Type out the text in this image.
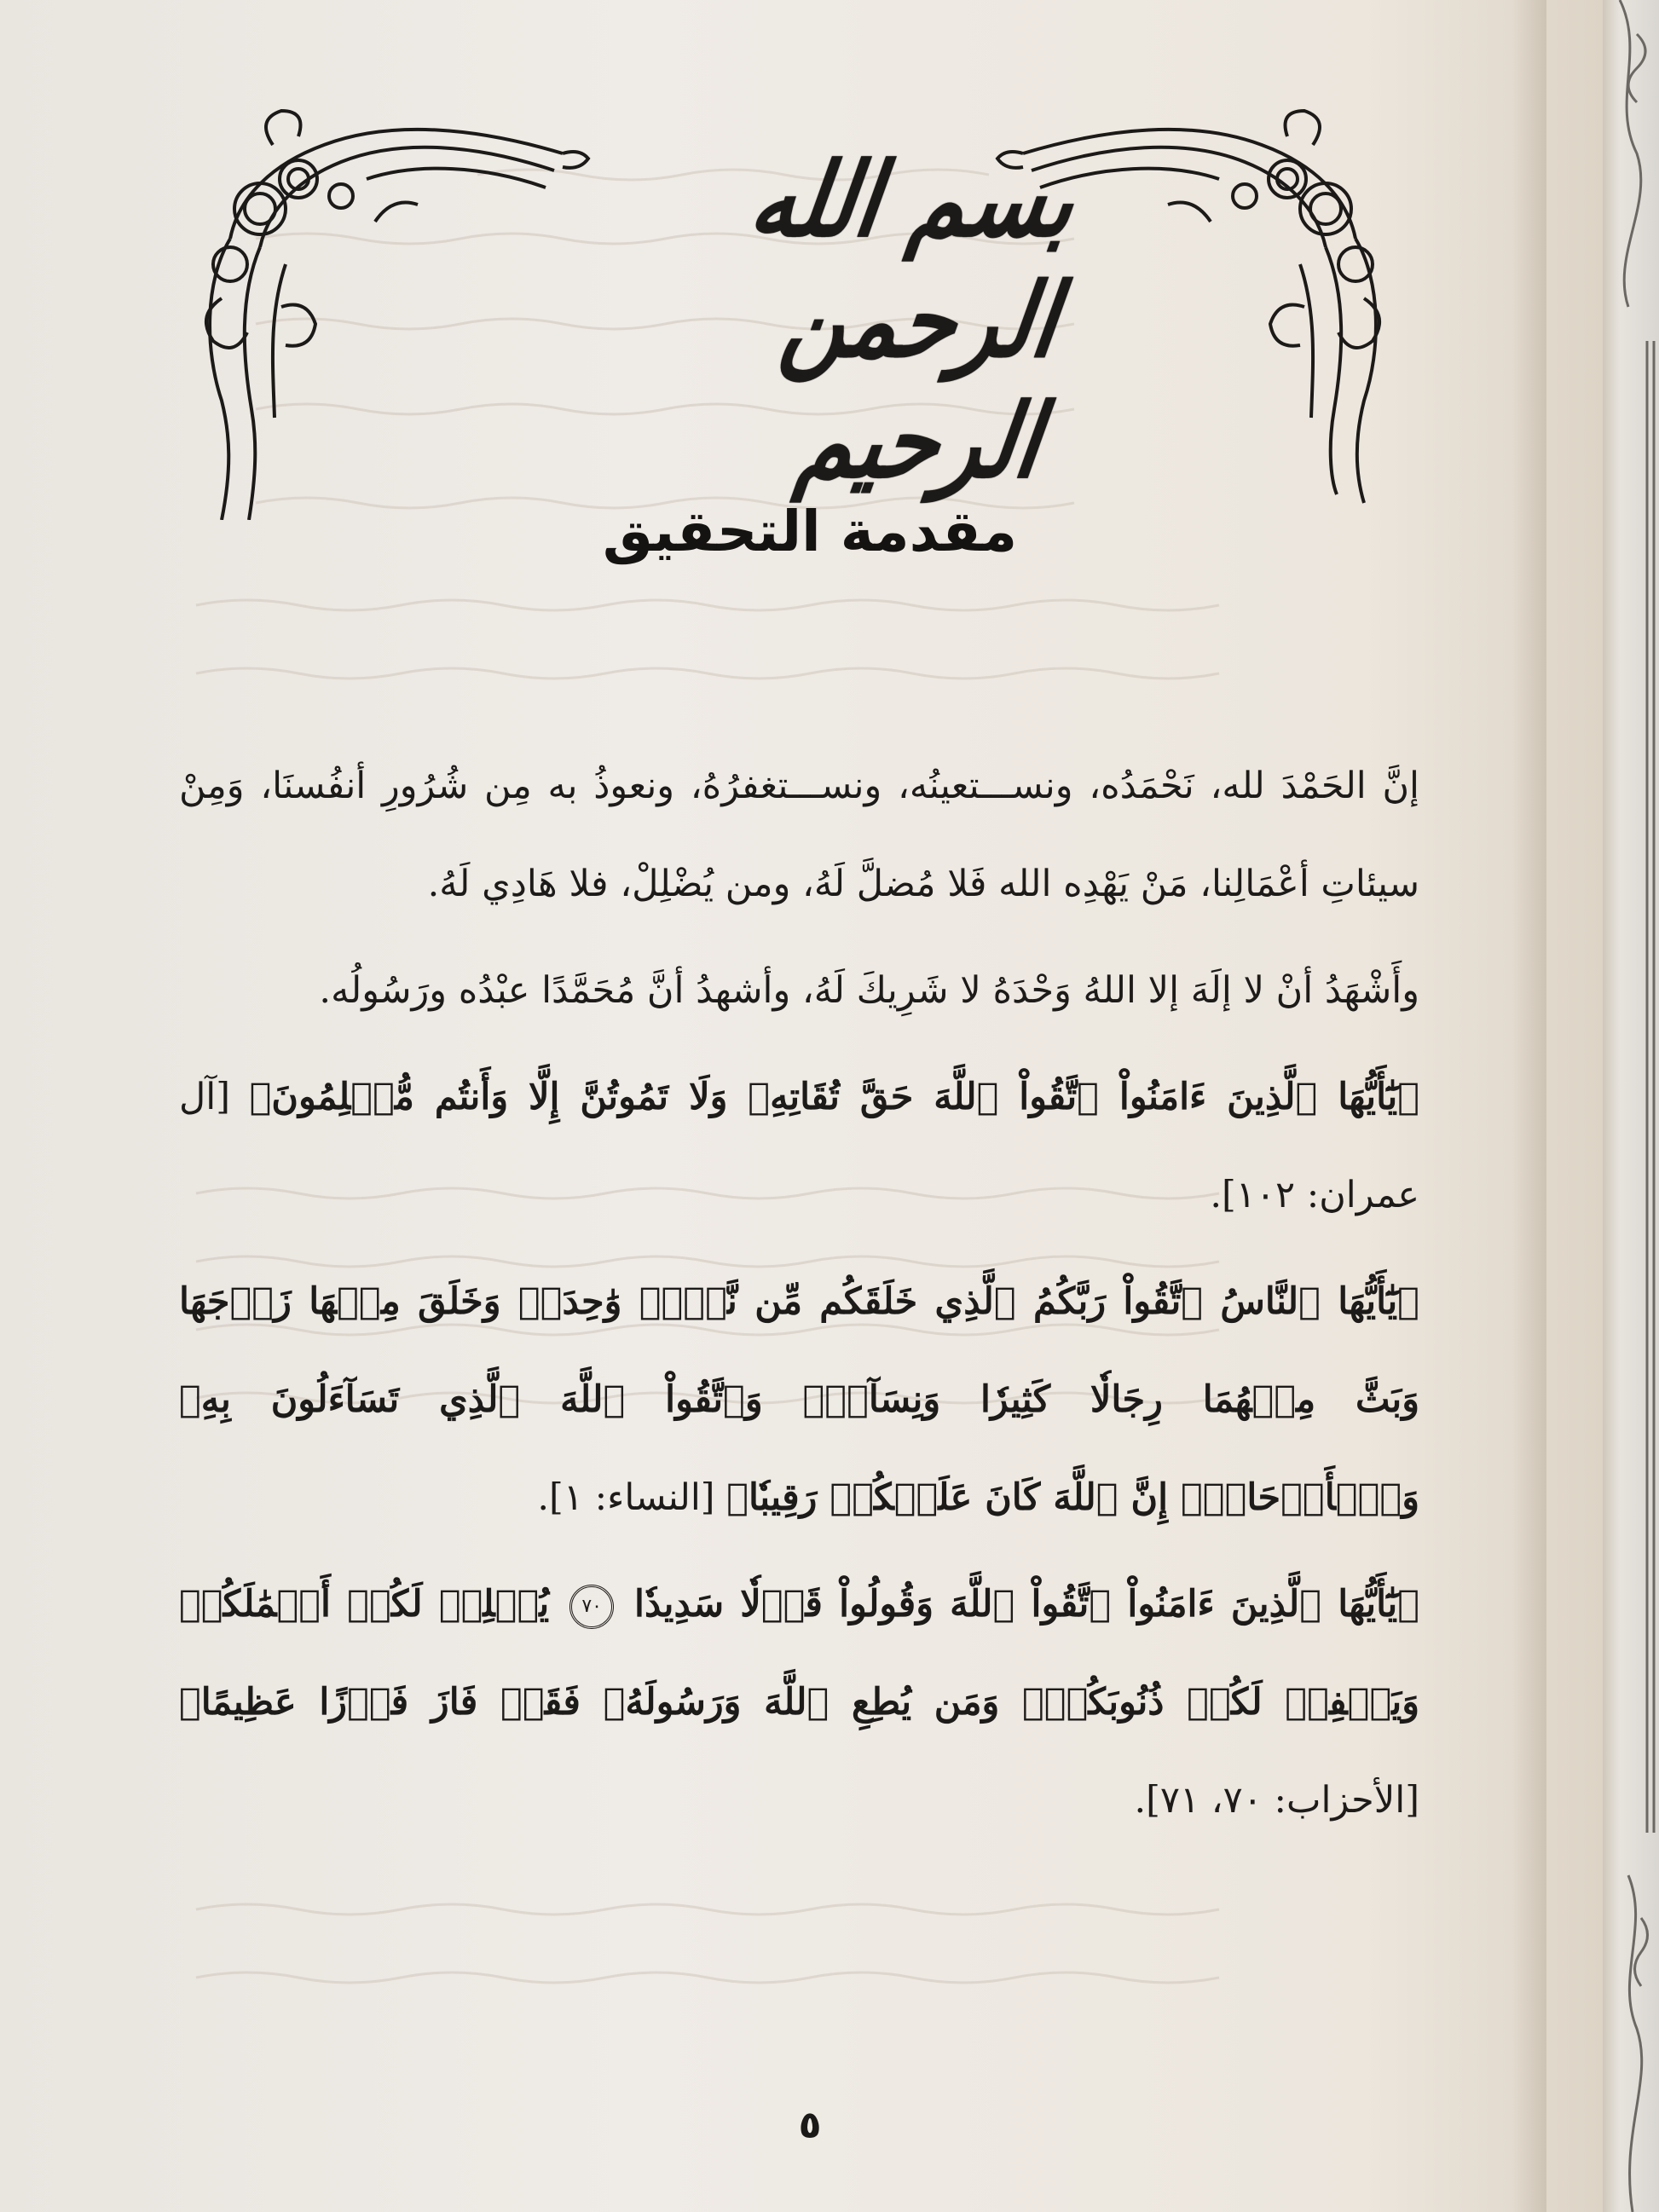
بسم الله الرحمن الرحيم
مقدمة التحقيق

إنَّ الحَمْدَ لله، نَحْمَدُه، ونســـتعينُه، ونســـتغفرُهُ، ونعوذُ به مِن شُرُورِ أنفُسنَا، وَمِنْ سيئاتِ أعْمَالِنا، مَنْ يَهْدِه الله فَلا مُضلَّ لَهُ، ومن يُضْلِلْ، فلا هَادِي لَهُ.

وأَشْهَدُ أنْ لا إلَهَ إلا اللهُ وَحْدَهُ لا شَرِيكَ لَهُ، وأشهدُ أنَّ مُحَمَّدًا عبْدُه ورَسُولُه.

﴿يَٰٓأَيُّهَا ٱلَّذِينَ ءَامَنُواْ ٱتَّقُواْ ٱللَّهَ حَقَّ تُقَاتِهِۦ وَلَا تَمُوتُنَّ إِلَّا وَأَنتُم مُّسۡلِمُونَ﴾ [آل عمران: ١٠٢].

﴿يَٰٓأَيُّهَا ٱلنَّاسُ ٱتَّقُواْ رَبَّكُمُ ٱلَّذِي خَلَقَكُم مِّن نَّفۡسٖ وَٰحِدَةٖ وَخَلَقَ مِنۡهَا زَوۡجَهَا وَبَثَّ مِنۡهُمَا رِجَالٗا كَثِيرٗا وَنِسَآءٗۚ وَٱتَّقُواْ ٱللَّهَ ٱلَّذِي تَسَآءَلُونَ بِهِۦ وَٱلۡأَرۡحَامَۚ إِنَّ ٱللَّهَ كَانَ عَلَيۡكُمۡ رَقِيبٗا﴾ [النساء: ١].

﴿يَٰٓأَيُّهَا ٱلَّذِينَ ءَامَنُواْ ٱتَّقُواْ ٱللَّهَ وَقُولُواْ قَوۡلٗا سَدِيدٗا ٧٠ يُصۡلِحۡ لَكُمۡ أَعۡمَٰلَكُمۡ وَيَغۡفِرۡ لَكُمۡ ذُنُوبَكُمۡۗ وَمَن يُطِعِ ٱللَّهَ وَرَسُولَهُۥ فَقَدۡ فَازَ فَوۡزًا عَظِيمًا﴾ [الأحزاب: ٧٠، ٧١].

٥
